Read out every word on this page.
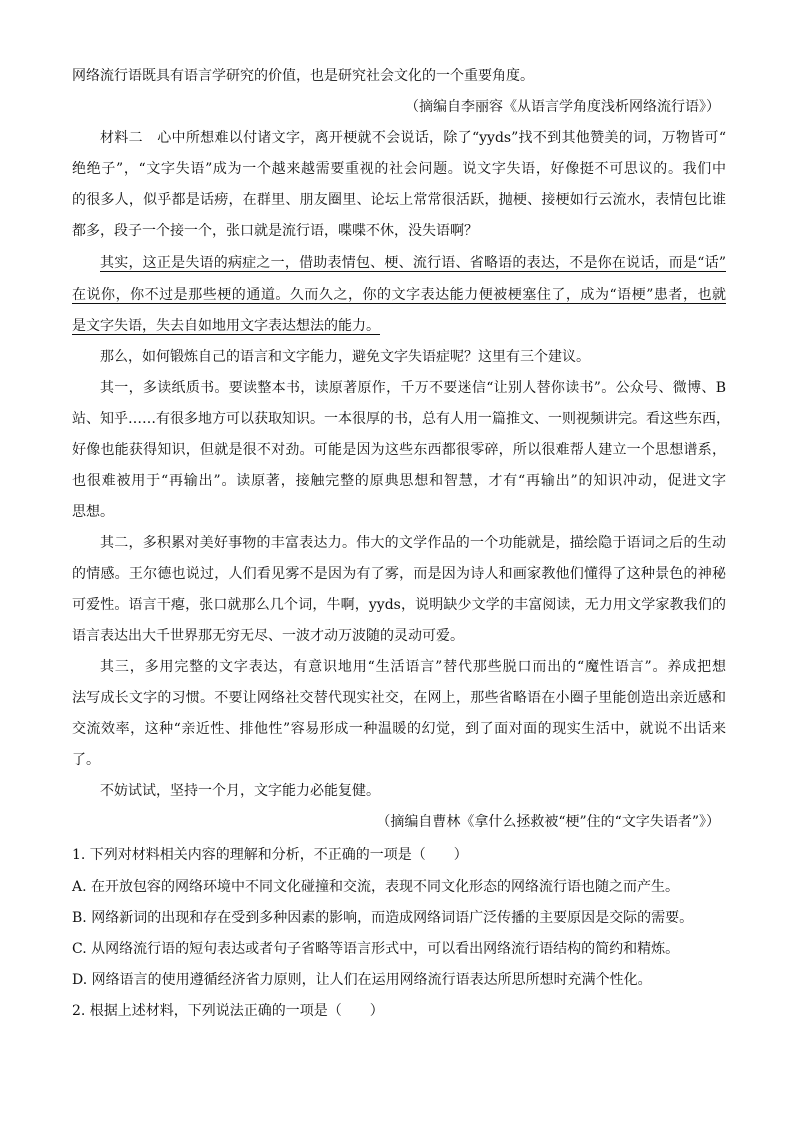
网络流行语既具有语言学研究的价值，也是研究社会文化的一个重要角度。
（摘编自李丽容《从语言学角度浅析网络流行语》）
材料二　心中所想难以付诸文字，离开梗就不会说话，除了“yyds”找不到其他赞美的词，万物皆可“
绝绝子”，“文字失语”成为一个越来越需要重视的社会问题。说文字失语，好像挺不可思议的。我们中
的很多人，似乎都是话痨，在群里、朋友圈里、论坛上常常很活跃，抛梗、接梗如行云流水，表情包比谁
都多，段子一个接一个，张口就是流行语，喋喋不休，没失语啊？
其实，这正是失语的病症之一，借助表情包、梗、流行语、省略语的表达，不是你在说话，而是“话”
在说你，你不过是那些梗的通道。久而久之，你的文字表达能力便被梗塞住了，成为“语梗”患者，也就
是文字失语，失去自如地用文字表达想法的能力。
那么，如何锻炼自己的语言和文字能力，避免文字失语症呢？这里有三个建议。
其一，多读纸质书。要读整本书，读原著原作，千万不要迷信“让别人替你读书”。公众号、微博、B
站、知乎……有很多地方可以获取知识。一本很厚的书，总有人用一篇推文、一则视频讲完。看这些东西，
好像也能获得知识，但就是很不对劲。可能是因为这些东西都很零碎，所以很难帮人建立一个思想谱系，
也很难被用于“再输出”。读原著，接触完整的原典思想和智慧，才有“再输出”的知识冲动，促进文字
思想。
其二，多积累对美好事物的丰富表达力。伟大的文学作品的一个功能就是，描绘隐于语词之后的生动
的情感。王尔德也说过，人们看见雾不是因为有了雾，而是因为诗人和画家教他们懂得了这种景色的神秘
可爱性。语言干瘪，张口就那么几个词，牛啊，yyds，说明缺少文学的丰富阅读，无力用文学家教我们的
语言表达出大千世界那无穷无尽、一波才动万波随的灵动可爱。
其三，多用完整的文字表达，有意识地用“生活语言”替代那些脱口而出的“魔性语言”。养成把想
法写成长文字的习惯。不要让网络社交替代现实社交，在网上，那些省略语在小圈子里能创造出亲近感和
交流效率，这种“亲近性、排他性”容易形成一种温暖的幻觉，到了面对面的现实生活中，就说不出话来
了。
不妨试试，坚持一个月，文字能力必能复健。
（摘编自曹林《拿什么拯救被“梗”住的“文字失语者”》）
1. 下列对材料相关内容的理解和分析，不正确的一项是（　　）
A. 在开放包容的网络环境中不同文化碰撞和交流，表现不同文化形态的网络流行语也随之而产生。
B. 网络新词的出现和存在受到多种因素的影响，而造成网络词语广泛传播的主要原因是交际的需要。
C. 从网络流行语的短句表达或者句子省略等语言形式中，可以看出网络流行语结构的简约和精炼。
D. 网络语言的使用遵循经济省力原则，让人们在运用网络流行语表达所思所想时充满个性化。
2. 根据上述材料，下列说法正确的一项是（　　）
